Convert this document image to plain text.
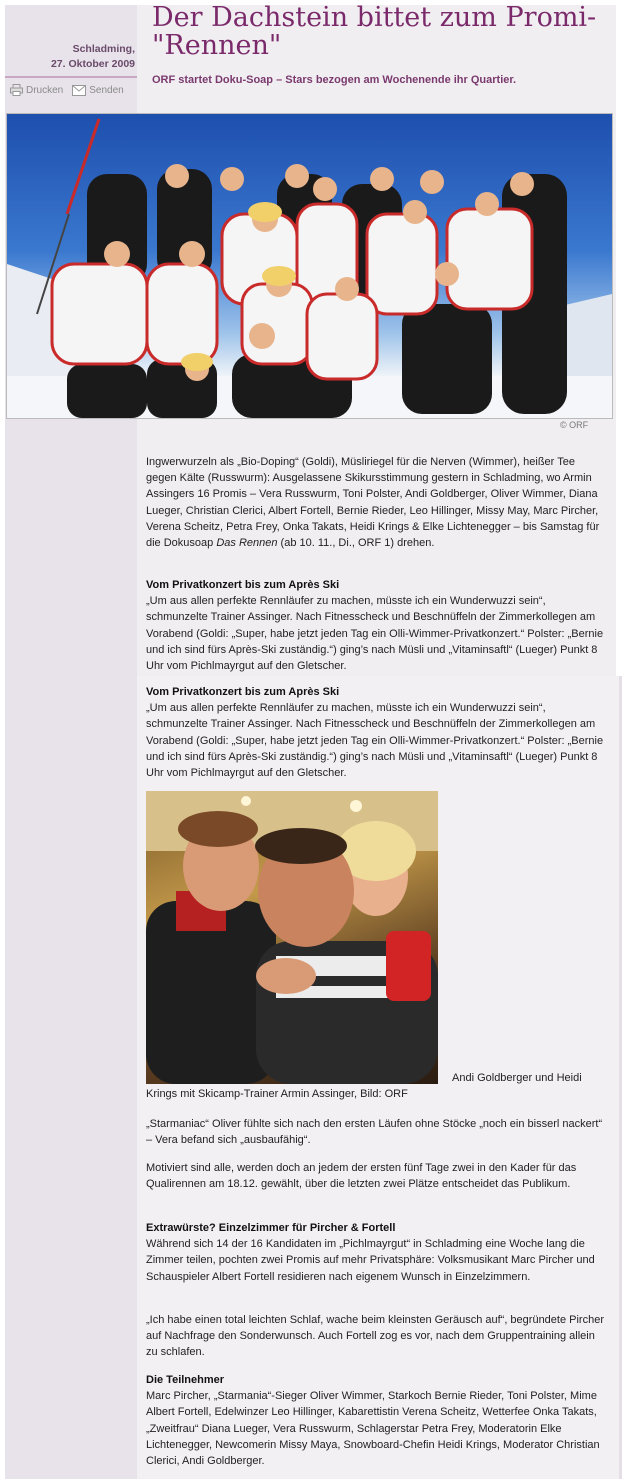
Schladming,
27. Oktober 2009
Drucken	Senden
Der Dachstein bittet zum Promi-"Rennen"
ORF startet Doku-Soap – Stars bezogen am Wochenende ihr Quartier.
© ORF

Ingwerwurzeln als „Bio-Doping“ (Goldi), Müsliriegel für die Nerven (Wimmer), heißer Tee gegen Kälte (Russwurm): Ausgelassene Skikursstimmung gestern in Schladming, wo Armin Assingers 16 Promis – Vera Russwurm, Toni Polster, Andi Goldberger, Oliver Wimmer, Diana Lueger, Christian Clerici, Albert Fortell, Bernie Rieder, Leo Hillinger, Missy May, Marc Pircher, Verena Scheitz, Petra Frey, Onka Takats, Heidi Krings & Elke Lichtenegger – bis Samstag für die Dokusoap Das Rennen (ab 10. 11., Di., ORF 1) drehen.

Vom Privatkonzert bis zum Après Ski
„Um aus allen perfekte Rennläufer zu machen, müsste ich ein Wunderwuzzi sein“, schmunzelte Trainer Assinger. Nach Fitnesscheck und Beschnüffeln der Zimmerkollegen am Vorabend (Goldi: „Super, habe jetzt jeden Tag ein Olli-Wimmer-Privatkonzert.“ Polster: „Bernie und ich sind fürs Après-Ski zuständig.“) ging’s nach Müsli und „Vitaminsaftl“ (Lueger) Punkt 8 Uhr vom Pichlmayrgut auf den Gletscher.

Vom Privatkonzert bis zum Après Ski
„Um aus allen perfekte Rennläufer zu machen, müsste ich ein Wunderwuzzi sein“, schmunzelte Trainer Assinger. Nach Fitnesscheck und Beschnüffeln der Zimmerkollegen am Vorabend (Goldi: „Super, habe jetzt jeden Tag ein Olli-Wimmer-Privatkonzert.“ Polster: „Bernie und ich sind fürs Après-Ski zuständig.“) ging’s nach Müsli und „Vitaminsaftl“ (Lueger) Punkt 8 Uhr vom Pichlmayrgut auf den Gletscher.

Andi Goldberger und Heidi
Krings mit Skicamp-Trainer Armin Assinger, Bild: ORF

„Starmaniac“ Oliver fühlte sich nach den ersten Läufen ohne Stöcke „noch ein bisserl nackert“ – Vera befand sich „ausbaufähig“.

Motiviert sind alle, werden doch an jedem der ersten fünf Tage zwei in den Kader für das Qualirennen am 18.12. gewählt, über die letzten zwei Plätze entscheidet das Publikum.

Extrawürste? Einzelzimmer für Pircher & Fortell
Während sich 14 der 16 Kandidaten im „Pichlmayrgut“ in Schladming eine Woche lang die Zimmer teilen, pochten zwei Promis auf mehr Privatsphäre: Volksmusikant Marc Pircher und Schauspieler Albert Fortell residieren nach eigenem Wunsch in Einzelzimmern.

„Ich habe einen total leichten Schlaf, wache beim kleinsten Geräusch auf“, begründete Pircher auf Nachfrage den Sonderwunsch. Auch Fortell zog es vor, nach dem Gruppentraining allein zu schlafen.

Die Teilnehmer
Marc Pircher, „Starmania“-Sieger Oliver Wimmer, Starkoch Bernie Rieder, Toni Polster, Mime Albert Fortell, Edelwinzer Leo Hillinger, Kabarettistin Verena Scheitz, Wetterfee Onka Takats, „Zweitfrau“ Diana Lueger, Vera Russwurm, Schlagerstar Petra Frey, Moderatorin Elke Lichtenegger, Newcomerin Missy Maya, Snowboard-Chefin Heidi Krings, Moderator Christian Clerici, Andi Goldberger.
